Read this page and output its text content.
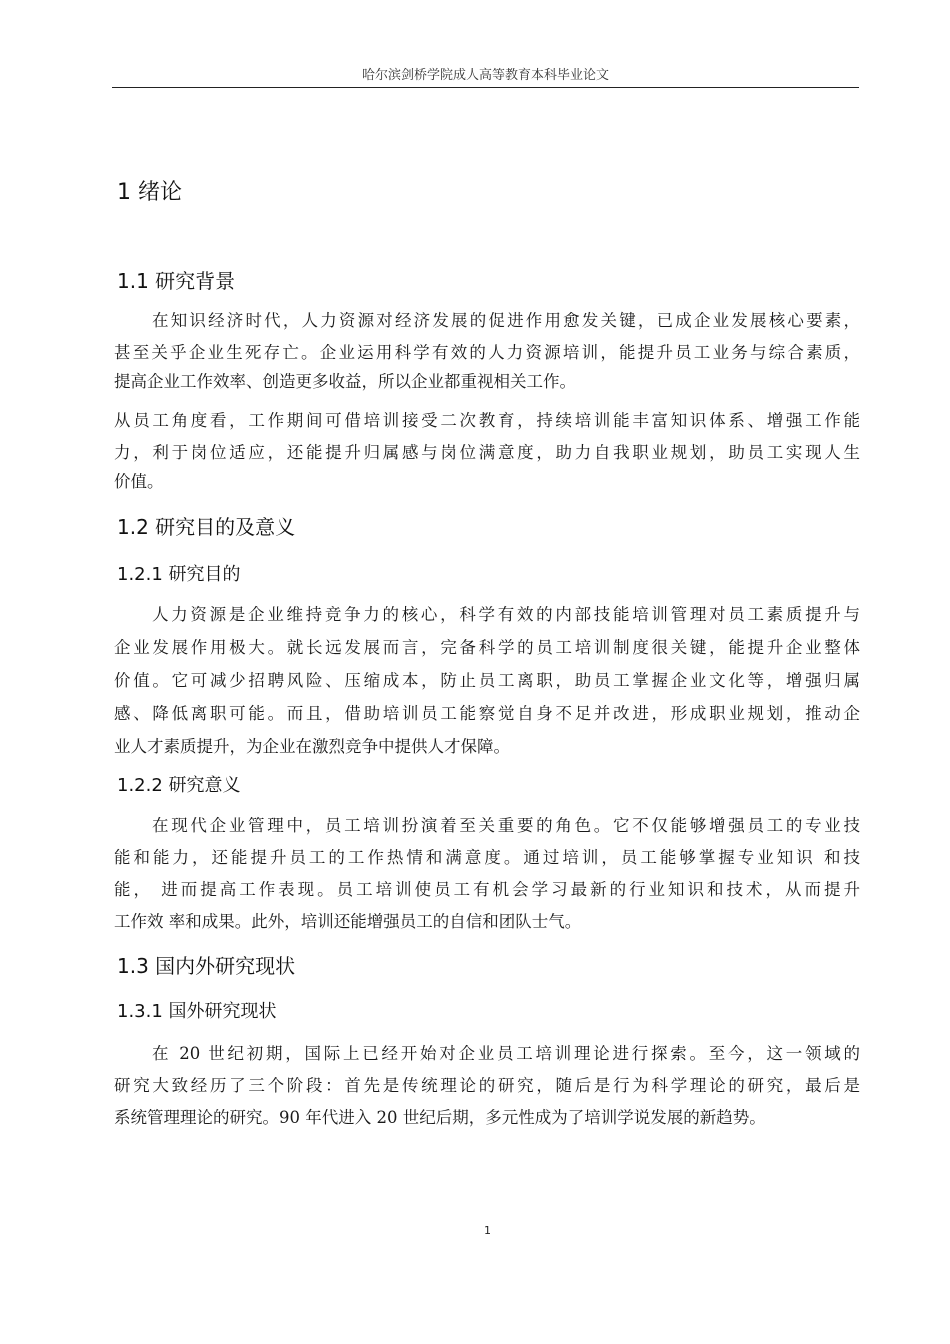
哈尔滨剑桥学院成人高等教育本科毕业论文
1 绪论
1.1 研究背景
在知识经济时代，人力资源对经济发展的促进作用愈发关键，已成企业发展核心要素，
甚至关乎企业生死存亡。企业运用科学有效的人力资源培训，能提升员工业务与综合素质，
提高企业工作效率、创造更多收益，所以企业都重视相关工作。
从员工角度看，工作期间可借培训接受二次教育，持续培训能丰富知识体系、增强工作能
力，利于岗位适应，还能提升归属感与岗位满意度，助力自我职业规划，助员工实现人生
价值。
1.2 研究目的及意义
1.2.1 研究目的
人力资源是企业维持竞争力的核心，科学有效的内部技能培训管理对员工素质提升与
企业发展作用极大。就长远发展而言，完备科学的员工培训制度很关键，能提升企业整体
价值。它可减少招聘风险、压缩成本，防止员工离职，助员工掌握企业文化等，增强归属
感、降低离职可能。而且，借助培训员工能察觉自身不足并改进，形成职业规划，推动企
业人才素质提升，为企业在激烈竞争中提供人才保障。
1.2.2 研究意义
在现代企业管理中，员工培训扮演着至关重要的角色。它不仅能够增强员工的专业技
能和能力，还能提升员工的工作热情和满意度。通过培训，员工能够掌握专业知识 和技
能， 进而提高工作表现。员工培训使员工有机会学习最新的行业知识和技术，从而提升
工作效 率和成果。此外，培训还能增强员工的自信和团队士气。
1.3 国内外研究现状
1.3.1 国外研究现状
在 20 世纪初期，国际上已经开始对企业员工培训理论进行探索。至今，这一领域的
研究大致经历了三个阶段：首先是传统理论的研究，随后是行为科学理论的研究，最后是
系统管理理论的研究。90 年代进入 20 世纪后期，多元性成为了培训学说发展的新趋势。
1
